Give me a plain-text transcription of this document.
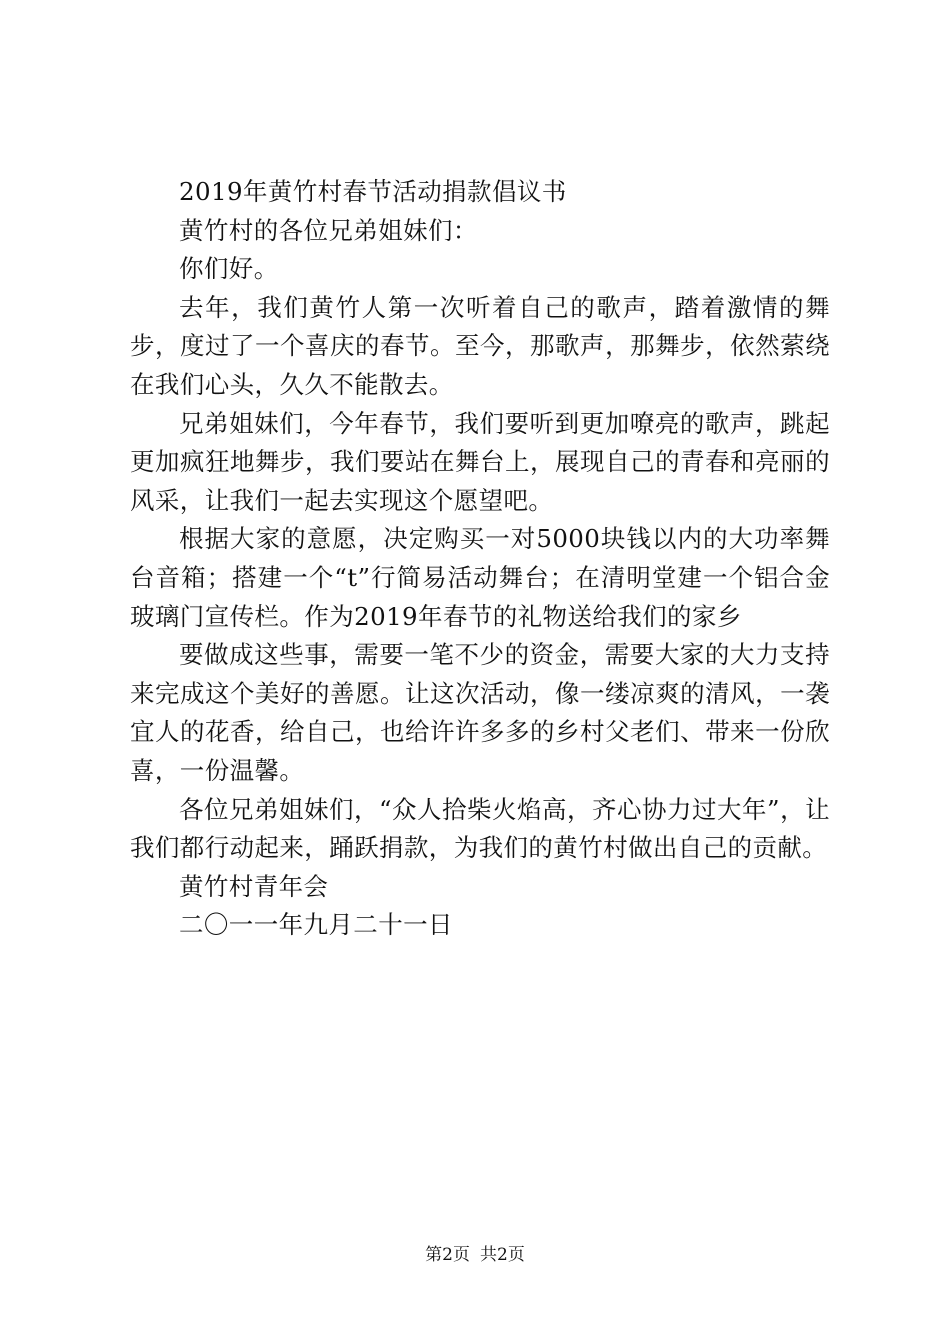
2019年黄竹村春节活动捐款倡议书

黄竹村的各位兄弟姐妹们：

你们好。

去年，我们黄竹人第一次听着自己的歌声，踏着激情的舞步，度过了一个喜庆的春节。至今，那歌声，那舞步，依然萦绕在我们心头，久久不能散去。

兄弟姐妹们，今年春节，我们要听到更加嘹亮的歌声，跳起更加疯狂地舞步，我们要站在舞台上，展现自己的青春和亮丽的风采，让我们一起去实现这个愿望吧。

根据大家的意愿，决定购买一对5000块钱以内的大功率舞台音箱；搭建一个“t”行简易活动舞台；在清明堂建一个铝合金玻璃门宣传栏。作为2019年春节的礼物送给我们的家乡

要做成这些事，需要一笔不少的资金，需要大家的大力支持来完成这个美好的善愿。让这次活动，像一缕凉爽的清风，一袭宜人的花香，给自己，也给许许多多的乡村父老们、带来一份欣喜，一份温馨。

各位兄弟姐妹们，“众人拾柴火焰高，齐心协力过大年”，让我们都行动起来，踊跃捐款，为我们的黄竹村做出自己的贡献。

黄竹村青年会

二〇一一年九月二十一日

第2页 共2页
